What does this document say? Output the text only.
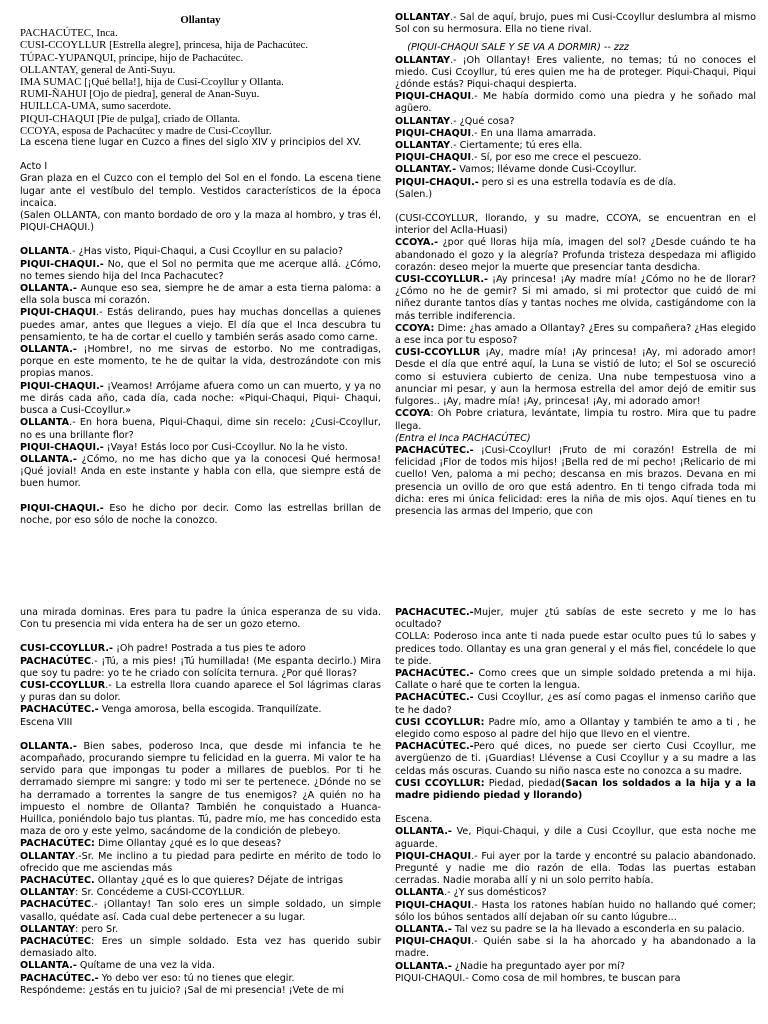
Ollantay

PACHACÚTEC, Inca.

CUSI-CCOYLLUR [Estrella alegre], princesa, hija de Pachacútec.

TÚPAC-YUPANQUI, príncipe, hijo de Pachacútec.

OLLANTAY, general de Anti-Suyu.

IMA SUMAC [¡Qué bella!], hija de Cusi-Ccoyllur y Ollanta.

RUMI-ÑAHUI [Ojo de piedra], general de Anan-Suyu.

HUILLCA-UMA, sumo sacerdote.

PIQUI-CHAQUI [Pie de pulga], criado de Ollanta.

CCOYA, esposa de Pachacútec y madre de Cusi-Ccoyllur.

La escena tiene lugar en Cuzco a fines del siglo XIV y principios del XV.

Acto I

Gran plaza en el Cuzco con el templo del Sol en el fondo. La escena tiene lugar ante el vestíbulo del templo. Vestidos característicos de la época incaica.

(Salen OLLANTA, con manto bordado de oro y la maza al hombro, y tras él, PIQUI-CHAQUI.)

OLLANTA.- ¿Has visto, Piqui-Chaqui, a Cusi Ccoyllur en su palacio?

PIQUI-CHAQUI.- No, que el Sol no permita que me acerque allá. ¿Cómo, no temes siendo hija del Inca Pachacutec?

OLLANTA.- Aunque eso sea, siempre he de amar a esta tierna paloma: a ella sola busca mi corazón.

PIQUI-CHAQUI.- Estás delirando, pues hay muchas doncellas a quienes puedes amar, antes que llegues a viejo. El día que el Inca descubra tu pensamiento, te ha de cortar el cuello y también serás asado como carne.

OLLANTA.- ¡Hombre!, no me sirvas de estorbo. No me contradigas, porque en este momento, te he de quitar la vida, destrozándote con mis propias manos.

PIQUI-CHAQUI.- ¡Veamos! Arrójame afuera como un can muerto, y ya no me dirás cada año, cada día, cada noche: «Piqui-Chaqui, Piqui- Chaqui, busca a Cusi-Ccoyllur.»

OLLANTA.- En hora buena, Piqui-Chaqui, dime sin recelo: ¿Cusi-Ccoyllur, no es una brillante flor?

PIQUI-CHAQUI.- ¡Vaya! Estás loco por Cusi-Ccoyllur. No la he visto.

OLLANTA.- ¿Cómo, no me has dicho que ya la conocesi Qué hermosa! ¡Qué jovial! Anda en este instante y habla con ella, que siempre está de buen humor.

PIQUI-CHAQUI.- Eso he dicho por decir. Como las estrellas brillan de noche, por eso sólo de noche la conozco.

OLLANTAY.- Sal de aquí, brujo, pues mi Cusi-Ccoyllur deslumbra al mismo Sol con su hermosura. Ella no tiene rival.

(PIQUI-CHAQUI SALE Y SE VA A DORMIR) -- zzz

OLLANTAY.- ¡Oh Ollantay! Eres valiente, no temas; tú no conoces el miedo. Cusi Ccoyllur, tú eres quien me ha de proteger. Piqui-Chaqui, Piqui ¿dónde estás? Piqui-chaqui despierta.

PIQUI-CHAQUI.- Me había dormido como una piedra y he soñado mal agüero.

OLLANTAY.- ¿Qué cosa?

PIQUI-CHAQUI.- En una llama amarrada.

OLLANTAY.- Ciertamente; tú eres ella.

PIQUI-CHAQUI.- Sí, por eso me crece el pescuezo.

OLLANTAY.- Vamos; llévame donde Cusi-Ccoyllur.

PIQUI-CHAQUI.- pero si es una estrella todavía es de día.

(Salen.)

(CUSI-CCOYLLUR, llorando, y su madre, CCOYA, se encuentran en el interior del Aclla-Huasi)

CCOYA.- ¿por qué lloras hija mía, imagen del sol? ¿Desde cuándo te ha abandonado el gozo y la alegría? Profunda tristeza despedaza mi afligido corazón: deseo mejor la muerte que presenciar tanta desdicha.

CUSI-CCOYLLUR.- ¡Ay princesa! ¡Ay madre mía! ¿Cómo no he de llorar? ¿Cómo no he de gemir? Si mi amado, si mi protector que cuidó de mi niñez durante tantos días y tantas noches me olvida, castigándome con la más terrible indiferencia.

CCOYA: Dime: ¿has amado a Ollantay? ¿Eres su compañera? ¿Has elegido a ese inca por tu esposo?

CUSI-CCOYLLUR ¡Ay, madre mía! ¡Ay princesa! ¡Ay, mi adorado amor! Desde el día que entré aquí, la Luna se vistió de luto; el Sol se oscureció como si estuviera cubierto de ceniza. Una nube tempestuosa vino a anunciar mi pesar, y aun la hermosa estrella del amor dejó de emitir sus fulgores.. ¡Ay, madre mía! ¡Ay, princesa! ¡Ay, mi adorado amor!

CCOYA: Oh Pobre criatura, levántate, limpia tu rostro. Mira que tu padre llega.

(Entra el Inca PACHACÚTEC)

PACHACÚTEC.- ¡Cusi-Ccoyllur! ¡Fruto de mi corazón! Estrella de mi felicidad ¡Flor de todos mis hijos! ¡Bella red de mi pecho! ¡Relicario de mi cuello! Ven, paloma a mi pecho; descansa en mis brazos. Devana en mi presencia un ovillo de oro que está adentro. En ti tengo cifrada toda mi dicha: eres mi única felicidad: eres la niña de mis ojos. Aquí tienes en tu presencia las armas del Imperio, que con

una mirada dominas. Eres para tu padre la única esperanza de su vida. Con tu presencia mi vida entera ha de ser un gozo eterno.

CUSI-CCOYLLUR.- ¡Oh padre! Postrada a tus pies te adoro

PACHACÚTEC.- ¡Tú, a mis pies! ¡Tú humillada! (Me espanta decirlo.) Mira que soy tu padre: yo te he criado con solícita ternura. ¿Por qué lloras?

CUSI-CCOYLLUR.- La estrella llora cuando aparece el Sol lágrimas claras y puras dan su dolor.

PACHACÚTEC.- Venga amorosa, bella escogida. Tranquilízate.

Escena VIII

OLLANTA.- Bien sabes, poderoso Inca, que desde mi infancia te he acompañado, procurando siempre tu felicidad en la guerra. Mi valor te ha servido para que impongas tu poder a millares de pueblos. Por ti he derramado siempre mi sangre: y todo mi ser te pertenece. ¿Dónde no se ha derramado a torrentes la sangre de tus enemigos? ¿A quién no ha impuesto el nombre de Ollanta? También he conquistado a Huanca-Huillca, poniéndolo bajo tus plantas. Tú, padre mío, me has concedido esta maza de oro y este yelmo, sacándome de la condición de plebeyo.

PACHACÚTEC: Dime Ollantay ¿qué es lo que deseas?

OLLANTAY.-Sr. Me inclino a tu piedad para pedirte en mérito de todo lo ofrecido que me asciendas más

PACHACÚTEC. Ollantay ¿qué es lo que quieres? Déjate de intrigas

OLLANTAY: Sr. Concédeme a CUSI-CCOYLLUR.

PACHACÚTEC.- ¡Ollantay! Tan solo eres un simple soldado, un simple vasallo, quédate así. Cada cual debe pertenecer a su lugar.

OLLANTAY: pero Sr.

PACHACÚTEC: Eres un simple soldado. Esta vez has querido subir demasiado alto.

OLLANTA.- Quítame de una vez la vida.

PACHACÚTEC.- Yo debo ver eso: tú no tienes que elegir.

Respóndeme: ¿estás en tu juicio? ¡Sal de mi presencia! ¡Vete de mi

PACHACÚTEC.-Mujer, mujer ¿tú sabías de este secreto y me lo has ocultado?

COLLA: Poderoso inca ante ti nada puede estar oculto pues tú lo sabes y predices todo. Ollantay es una gran general y el más fiel, concédele lo que te pide.

PACHACÚTEC.- Como crees que un simple soldado pretenda a mi hija. Callate o haré que te corten la lengua.

PACHACÚTEC.- Cusi Ccoyllur, ¿es así como pagas el inmenso cariño que te he dado?

CUSI CCOYLLUR: Padre mío, amo a Ollantay y también te amo a ti , he elegido como esposo al padre del hijo que llevo en el vientre.

PACHACÚTEC.-Pero qué dices, no puede ser cierto Cusi Ccoyllur, me avergüenzo de ti. ¡Guardias! Llévense a Cusi Ccoyllur y a su madre a las celdas más oscuras. Cuando su niño nasca este no conozca a su madre.

CUSI CCOYLLUR: Piedad, piedad(Sacan los soldados a la hija y a la madre pidiendo piedad y llorando)

Escena.

OLLANTA.- Ve, Piqui-Chaqui, y dile a Cusi Ccoyllur, que esta noche me aguarde.

PIQUI-CHAQUI.- Fui ayer por la tarde y encontré su palacio abandonado. Pregunté y nadie me dio razón de ella. Todas las puertas estaban cerradas. Nadie moraba allí y ni un solo perrito había.

OLLANTA.- ¿Y sus domésticos?

PIQUI-CHAQUI.- Hasta los ratones habían huido no hallando qué comer; sólo los búhos sentados allí dejaban oír su canto lúgubre...

OLLANTA.- Tal vez su padre se la ha llevado a esconderla en su palacio.

PIQUI-CHAQUI.- Quién sabe si la ha ahorcado y ha abandonado a la madre.

OLLANTA.- ¿Nadie ha preguntado ayer por mí?

PIQUI-CHAQUI.- Como cosa de mil hombres, te buscan para
